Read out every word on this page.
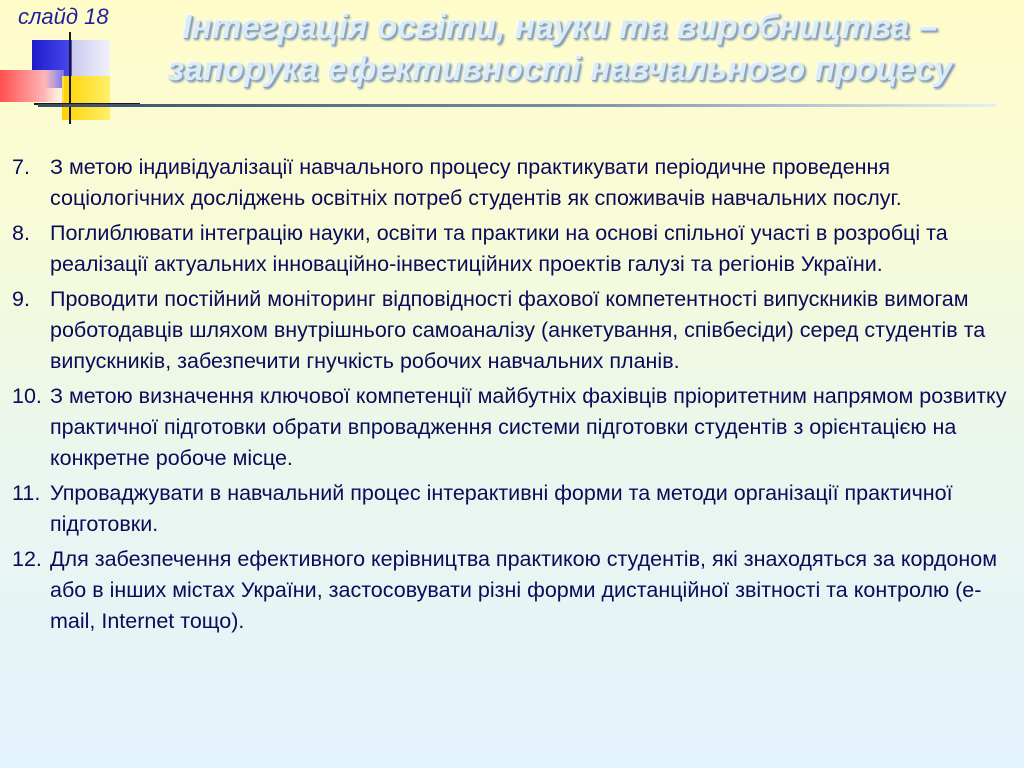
слайд 18	Інтеграція освіти, науки та виробництва –
запорука ефективності навчального процесу
7. З метою індивідуалізації навчального процесу практикувати періодичне проведення соціологічних досліджень освітніх потреб студентів як споживачів навчальних послуг.
8. Поглиблювати інтеграцію науки, освіти та практики на основі спільної участі в розробці та реалізації актуальних інноваційно-інвестиційних проектів галузі та регіонів України.
9. Проводити постійний моніторинг відповідності фахової компетентності випускників вимогам роботодавців шляхом внутрішнього самоаналізу (анкетування, співбесіди) серед студентів та випускників, забезпечити гнучкість робочих навчальних планів.
10. З метою визначення ключової компетенції майбутніх фахівців пріоритетним напрямом розвитку практичної підготовки обрати впровадження системи підготовки студентів з орієнтацією на конкретне робоче місце.
11. Упроваджувати в навчальний процес інтерактивні форми та методи організації практичної підготовки.
12. Для забезпечення ефективного керівництва практикою студентів, які знаходяться за кордоном або в інших містах України, застосовувати різні форми дистанційної звітності та контролю (e-mail, Internet тощо).
